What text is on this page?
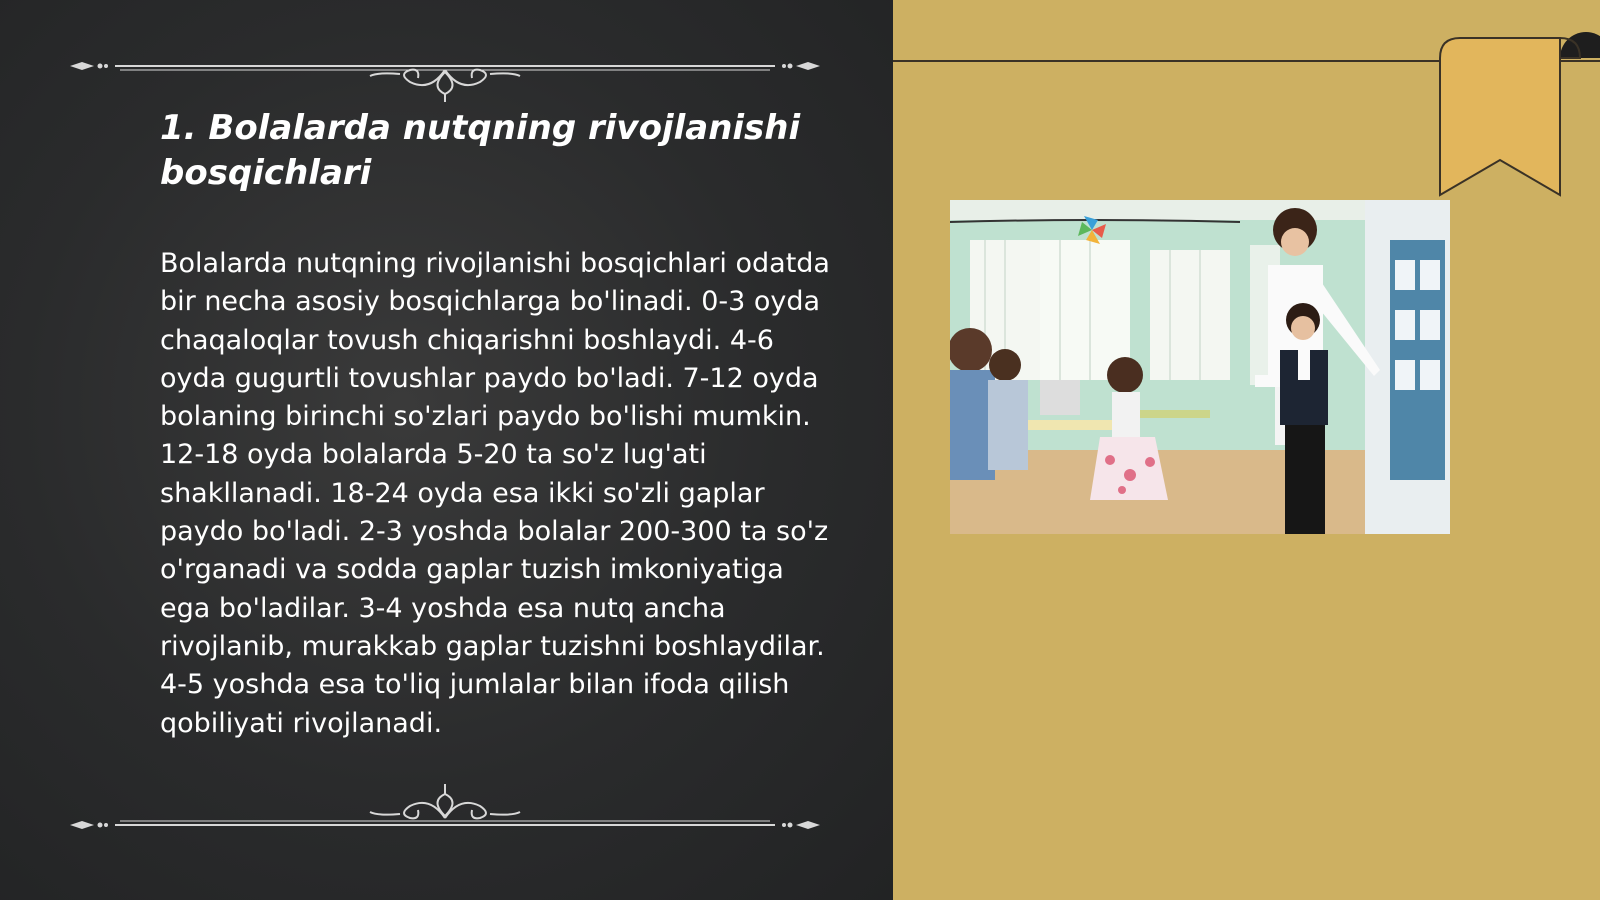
1. Bolalarda nutqning rivojlanishi bosqichlari

Bolalarda nutqning rivojlanishi bosqichlari odatda bir necha asosiy bosqichlarga bo'linadi. 0-3 oyda chaqaloqlar tovush chiqarishni boshlaydi. 4-6 oyda gugurtli tovushlar paydo bo'ladi. 7-12 oyda bolaning birinchi so'zlari paydo bo'lishi mumkin. 12-18 oyda bolalarda 5-20 ta so'z lug'ati shakllanadi. 18-24 oyda esa ikki so'zli gaplar paydo bo'ladi. 2-3 yoshda bolalar 200-300 ta so'z o'rganadi va sodda gaplar tuzish imkoniyatiga ega bo'ladilar. 3-4 yoshda esa nutq ancha rivojlanib, murakkab gaplar tuzishni boshlaydilar. 4-5 yoshda esa to'liq jumlalar bilan ifoda qilish qobiliyati rivojlanadi.
